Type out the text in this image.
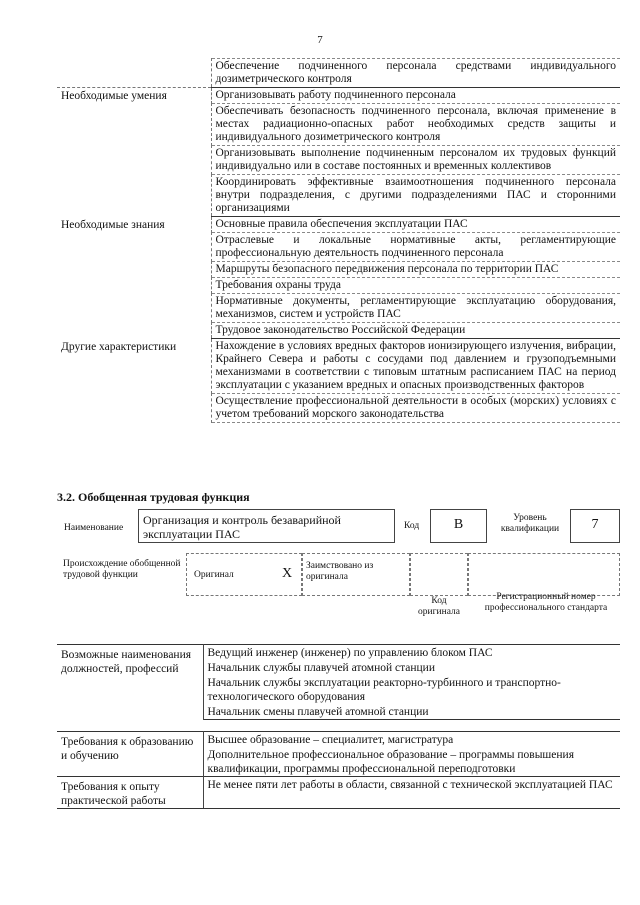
7
	Обеспечение подчиненного персонала средствами индивидуального дозиметрического контроля
Необходимые умения	Организовывать работу подчиненного персонала
	Обеспечивать безопасность подчиненного персонала, включая применение в местах радиационно-опасных работ необходимых средств защиты и индивидуального дозиметрического контроля
	Организовывать выполнение подчиненным персоналом их трудовых функций индивидуально или в составе постоянных и временных коллективов
	Координировать эффективные взаимоотношения подчиненного персонала внутри подразделения, с другими подразделениями ПАС и сторонними организациями
Необходимые знания	Основные правила обеспечения эксплуатации ПАС
	Отраслевые и локальные нормативные акты, регламентирующие профессиональную деятельность подчиненного персонала
	Маршруты безопасного передвижения персонала по территории ПАС
	Требования охраны труда
	Нормативные документы, регламентирующие эксплуатацию оборудования, механизмов, систем и устройств ПАС
	Трудовое законодательство Российской Федерации
Другие характеристики	Нахождение в условиях вредных факторов ионизирующего излучения, вибрации, Крайнего Севера и работы с сосудами под давлением и грузоподъемными механизмами в соответствии с типовым штатным расписанием ПАС на период эксплуатации с указанием вредных и опасных производственных факторов
	Осуществление профессиональной деятельности в особых (морских) условиях с учетом требований морского законодательства
3.2. Обобщенная трудовая функция
Наименование
Организация и контроль безаварийной эксплуатации ПАС
Код	B	Уровень квалификации	7
Происхождение обобщенной трудовой функции	Оригинал	X Заимствовано из оригинала
Код оригинала
Регистрационный номер профессионального стандарта
Возможные наименования должностей, профессий	Ведущий инженер (инженер) по управлению блоком ПАС
Начальник службы плавучей атомной станции
Начальник службы эксплуатации реакторно-турбинного и транспортно-технологического оборудования
Начальник смены плавучей атомной станции
Требования к образованию и обучению	Высшее образование – специалитет, магистратура
	Дополнительное профессиональное образование – программы повышения квалификации, программы профессиональной переподготовки
Требования к опыту практической работы	Не менее пяти лет работы в области, связанной с технической эксплуатацией ПАС
